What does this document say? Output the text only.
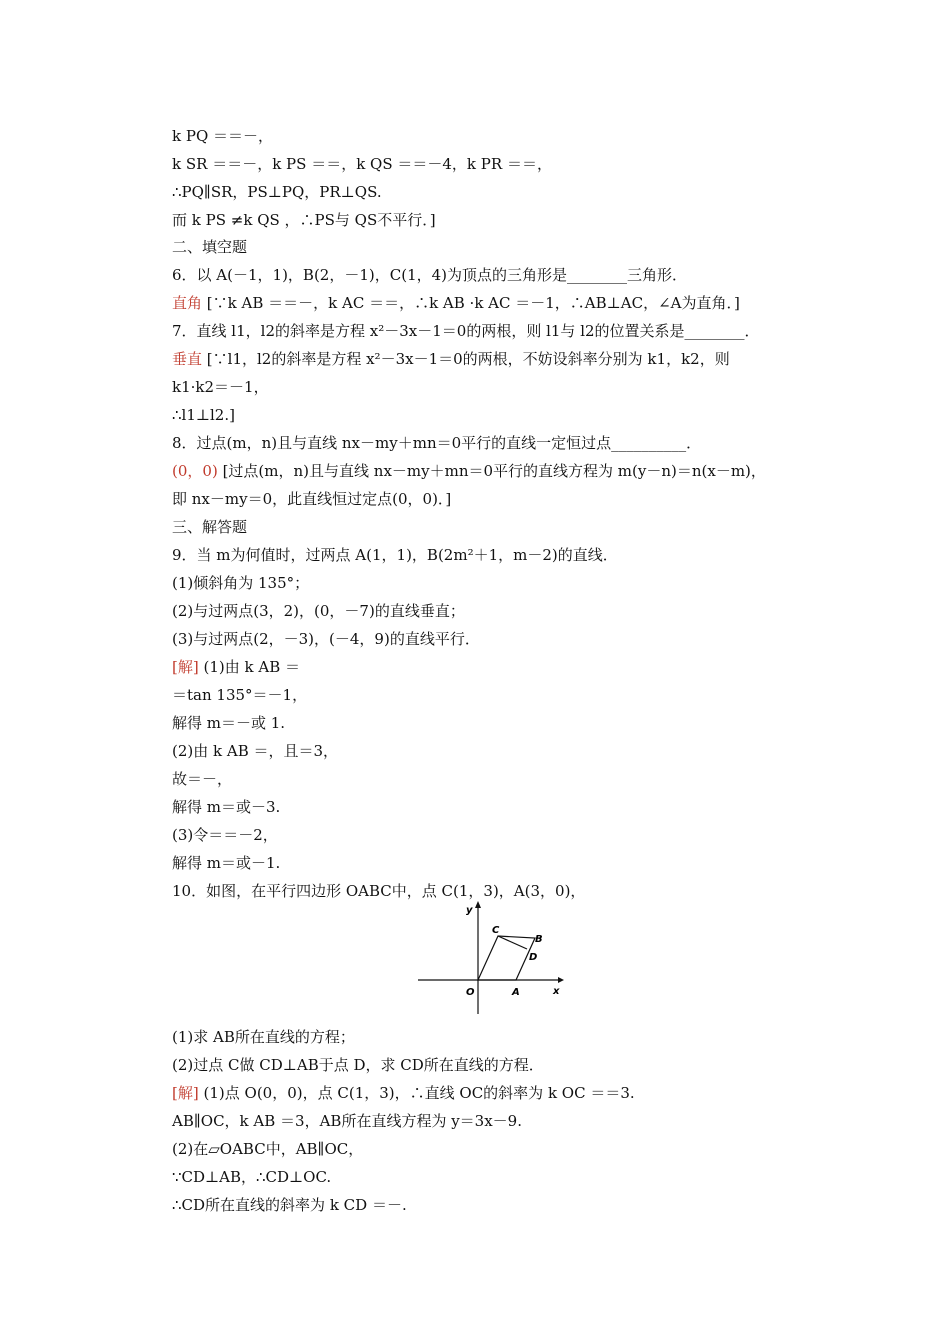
k PQ ＝＝－，
k SR ＝＝－，k PS ＝＝，k QS ＝＝－4，k PR ＝＝，
∴PQ∥SR，PS⊥PQ，PR⊥QS.
而 k PS ≠k QS ，∴PS与 QS不平行．]
二、填空题
6．以 A(－1，1)，B(2，－1)，C(1，4)为顶点的三角形是________三角形．
直角 [∵k AB ＝＝－，k AC ＝＝，∴k AB ·k AC ＝－1，∴AB⊥AC，∠A为直角．]
7．直线 l1，l2的斜率是方程 x²－3x－1＝0的两根，则 l1与 l2的位置关系是________．
垂直 [∵l1，l2的斜率是方程 x²－3x－1＝0的两根，不妨设斜率分别为 k1，k2，则
k1·k2＝－1，
∴l1⊥l2.]
8．过点(m，n)且与直线 nx－my＋mn＝0平行的直线一定恒过点__________．
(0，0) [过点(m，n)且与直线 nx－my＋mn＝0平行的直线方程为 m(y－n)＝n(x－m)，
即 nx－my＝0，此直线恒过定点(0，0)．]
三、解答题
9．当 m为何值时，过两点 A(1，1)，B(2m²＋1，m－2)的直线．
(1)倾斜角为 135°；
(2)与过两点(3，2)，(0，－7)的直线垂直；
(3)与过两点(2，－3)，(－4，9)的直线平行．
[解] (1)由 k AB ＝
＝tan 135°＝－1，
解得 m＝－或 1.
(2)由 k AB ＝，且＝3，
故＝－，
解得 m＝或－3.
(3)令＝＝－2，
解得 m＝或－1.
10．如图，在平行四边形 OABC中，点 C(1，3)，A(3，0)，
y
x
O	A
B
C
D
(1)求 AB所在直线的方程；
(2)过点 C做 CD⊥AB于点 D，求 CD所在直线的方程．
[解] (1)点 O(0，0)，点 C(1，3)，∴直线 OC的斜率为 k OC ＝＝3.
AB∥OC，k AB ＝3，AB所在直线方程为 y＝3x－9.
(2)在▱OABC中，AB∥OC，
∵CD⊥AB，∴CD⊥OC.
∴CD所在直线的斜率为 k CD ＝－.
